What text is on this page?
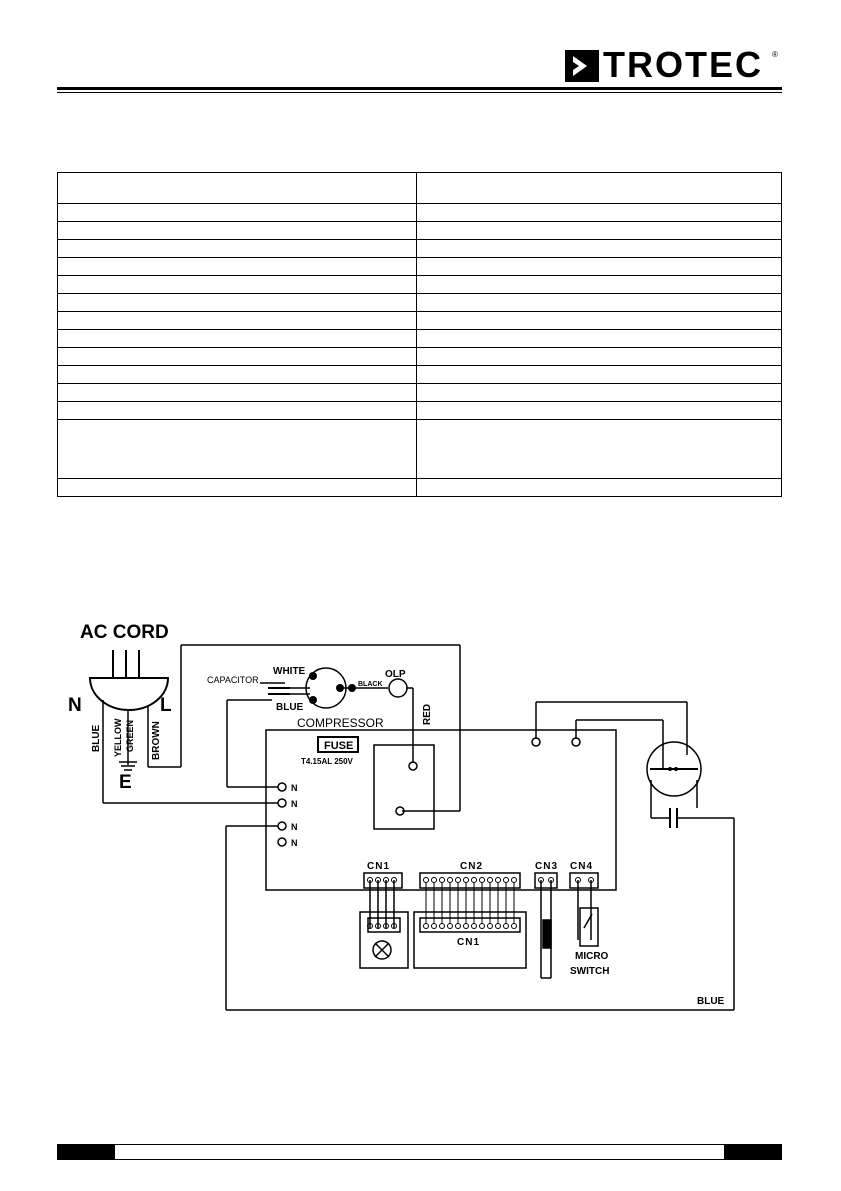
TROTEC ®

AC CORD
N	L
E
BLUE YELLOW GREEN BROWN
CAPACITOR
WHITE
BLUE
BLACK
OLP
COMPRESSOR	RED
FUSE
T4.15AL 250V
N
N
N
N
CN1	CN2	CN3 CN4
CN1
MICRO
SWITCH
BLUE
